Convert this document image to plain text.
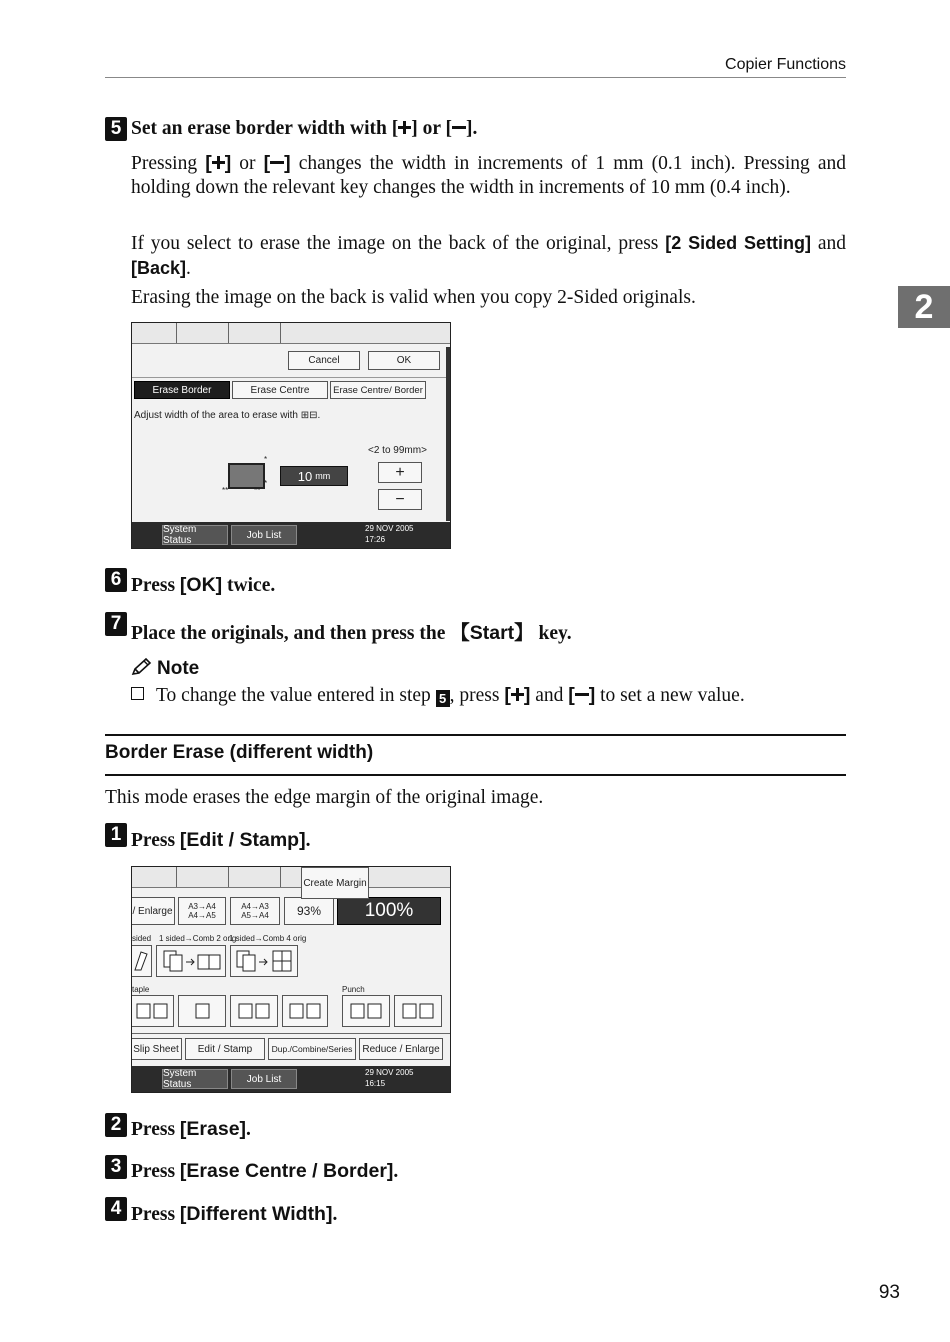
Copier Functions
2
5 Set an erase border width with [ ] or [ ].
Pressing [ ] or [ ] changes the width in increments of 1 mm (0.1 inch). Pressing and holding down the relevant key changes the width in increments of 10 mm (0.4 inch).
If you select to erase the image on the back of the original, press [2 Sided Setting] and [Back].
Erasing the image on the back is valid when you copy 2-Sided originals.
Cancel	OK
Erase Border	Erase Centre	Erase Centre/ Border
Adjust width of the area to erase with ⊞⊟.
<2 to 99mm>
*
*
**	**
10 mm	+
−
System Status	Job List
29 NOV 2005
17:26
6 Press [OK] twice.
7 Place the originals, and then press the 【Start】 key.
Note
To change the value entered in step 5 , press [ ] and [ ] to set a new value.
Border Erase (different width)
This mode erases the edge margin of the original image.
1 Press [Edit / Stamp].
/ Enlarge	A3→A4
A4→A5
A4→A3
A5→A4	93%	100%
sided 1 sided→Comb 2 orig
1 sided→Comb 4 orig
Create Margin
taple	Punch
Slip Sheet	Edit / Stamp	Dup./Combine/Series Reduce / Enlarge
System Status	Job List
29 NOV 2005
16:15
2 Press [Erase].
3 Press [Erase Centre / Border].
4 Press [Different Width].
93
